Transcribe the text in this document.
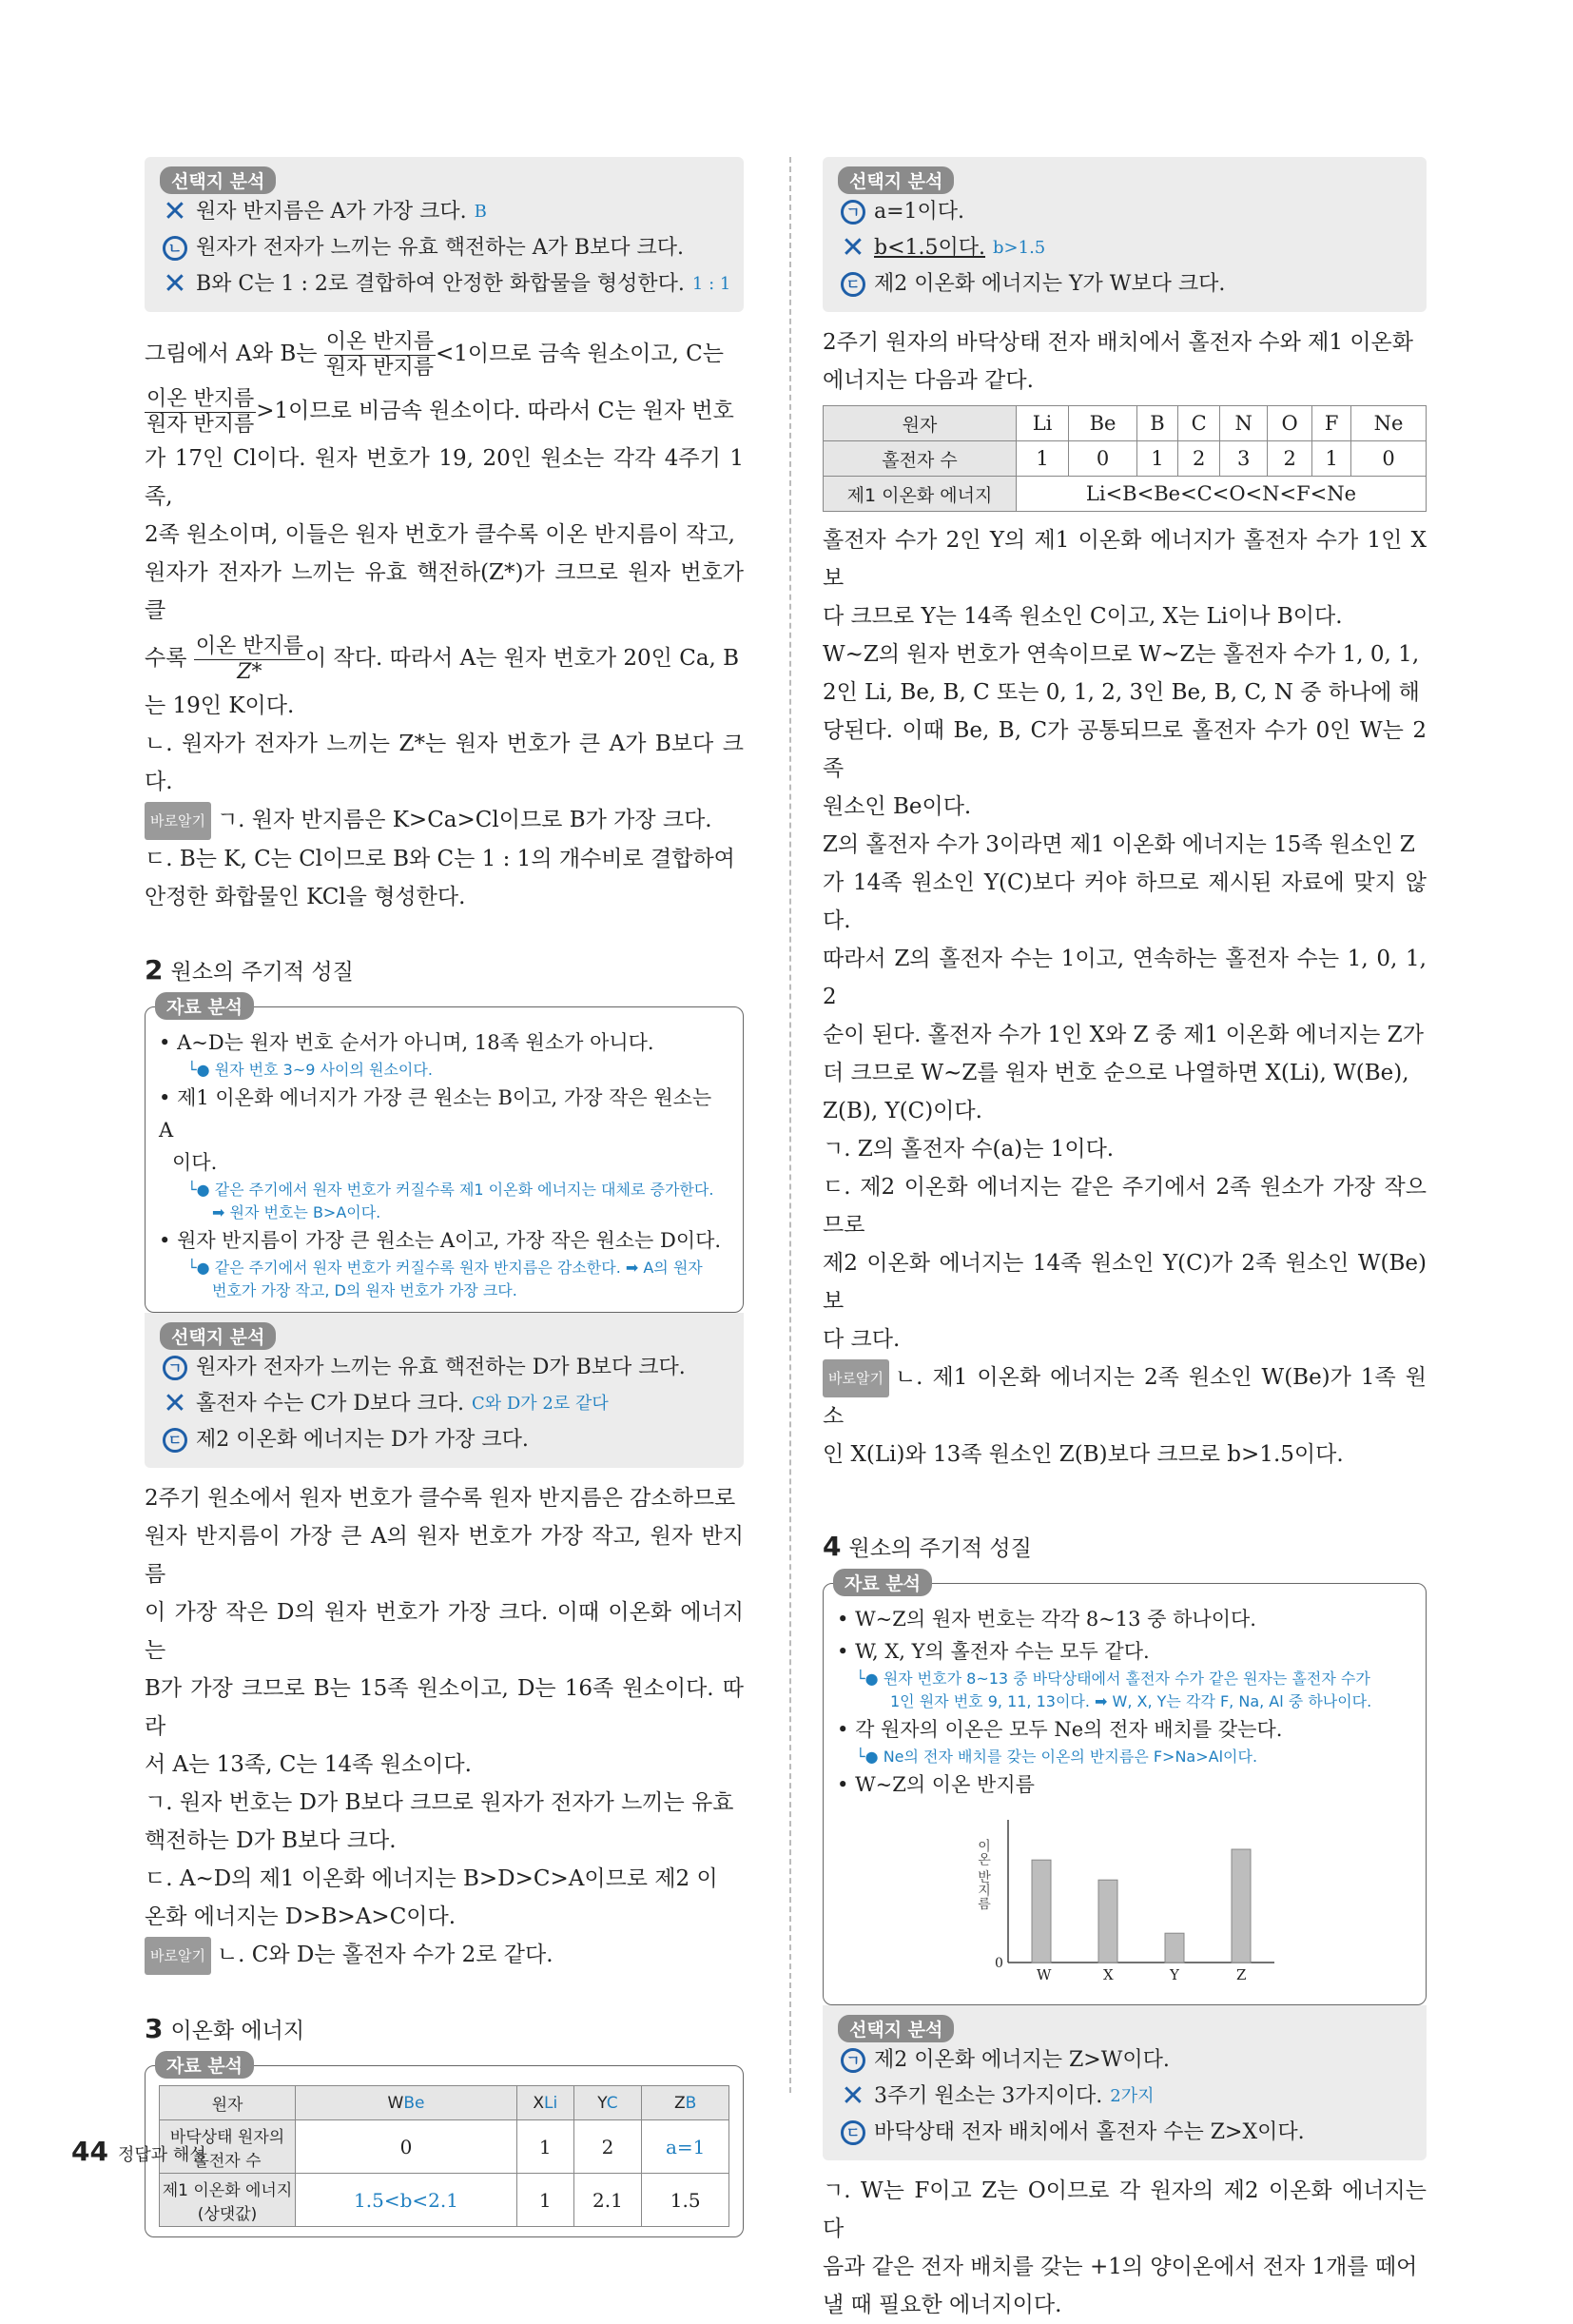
선택지 분석
✕ 원자 반지름은 A가 가장 크다. B
ㄴ 원자가 전자가 느끼는 유효 핵전하는 A가 B보다 크다.
✕ B와 C는 1 : 2로 결합하여 안정한 화합물을 형성한다. 1 : 1
그림에서 A와 B는 $\frac{\text{이온 반지름}}{\text{원자 반지름}} <1$이므로 금속 원소이고, C는
$\frac{\text{이온 반지름}}{\text{원자 반지름}} >1$이므로 비금속 원소이다. 따라서 C는 원자 번호
가 17인 Cl이다. 원자 번호가 19, 20인 원소는 각각 4주기 1족,
2족 원소이며, 이들은 원자 번호가 클수록 이온 반지름이 작고,
원자가 전자가 느끼는 유효 핵전하(Z*)가 크므로 원자 번호가 클
수록 $\frac{\text{이온 반지름}}{Z*}$ 이 작다. 따라서 A는 원자 번호가 20인 Ca, B
는 19인 K이다.
ㄴ. 원자가 전자가 느끼는 Z*는 원자 번호가 큰 A가 B보다 크다.
바로알기 ㄱ. 원자 반지름은 K>Ca>Cl이므로 B가 가장 크다.
ㄷ. B는 K, C는 Cl이므로 B와 C는 1 : 1의 개수비로 결합하여
안정한 화합물인 KCl을 형성한다.
2 원소의 주기적 성질
자료 분석
• A~D는 원자 번호 순서가 아니며, 18족 원소가 아니다.
└● 원자 번호 3~9 사이의 원소이다.
• 제1 이온화 에너지가 가장 큰 원소는 B이고, 가장 작은 원소는 A
이다.
└● 같은 주기에서 원자 번호가 커질수록 제1 이온화 에너지는 대체로 증가한다.
➡ 원자 번호는 B>A이다.
• 원자 반지름이 가장 큰 원소는 A이고, 가장 작은 원소는 D이다.
└● 같은 주기에서 원자 번호가 커질수록 원자 반지름은 감소한다. ➡ A의 원자
번호가 가장 작고, D의 원자 번호가 가장 크다.
선택지 분석
ㄱ 원자가 전자가 느끼는 유효 핵전하는 D가 B보다 크다.
✕ 홀전자 수는 C가 D보다 크다. C와 D가 2로 같다
ㄷ 제2 이온화 에너지는 D가 가장 크다.
2주기 원소에서 원자 번호가 클수록 원자 반지름은 감소하므로
원자 반지름이 가장 큰 A의 원자 번호가 가장 작고, 원자 반지름
이 가장 작은 D의 원자 번호가 가장 크다. 이때 이온화 에너지는
B가 가장 크므로 B는 15족 원소이고, D는 16족 원소이다. 따라
서 A는 13족, C는 14족 원소이다.
ㄱ. 원자 번호는 D가 B보다 크므로 원자가 전자가 느끼는 유효
핵전하는 D가 B보다 크다.
ㄷ. A~D의 제1 이온화 에너지는 B>D>C>A이므로 제2 이
온화 에너지는 D>B>A>C이다.
바로알기 ㄴ. C와 D는 홀전자 수가 2로 같다.
3 이온화 에너지
자료 분석
원자	WBe	XLi	YC	ZB
바닥상태 원자의 홀전자 수	0	1	2	a=1
제1 이온화 에너지(상댓값)	1.5<b<2.1	1	2.1	1.5
선택지 분석
ㄱ a=1이다.
✕ b<1.5이다. b>1.5
ㄷ 제2 이온화 에너지는 Y가 W보다 크다.
2주기 원자의 바닥상태 전자 배치에서 홀전자 수와 제1 이온화
에너지는 다음과 같다.
원자	Li	Be	B	C	N	O	F	Ne
홀전자 수	1	0	1	2	3	2	1	0
제1 이온화 에너지	Li<B<Be<C<O<N<F<Ne							
홀전자 수가 2인 Y의 제1 이온화 에너지가 홀전자 수가 1인 X보
다 크므로 Y는 14족 원소인 C이고, X는 Li이나 B이다.
W~Z의 원자 번호가 연속이므로 W~Z는 홀전자 수가 1, 0, 1,
2인 Li, Be, B, C 또는 0, 1, 2, 3인 Be, B, C, N 중 하나에 해
당된다. 이때 Be, B, C가 공통되므로 홀전자 수가 0인 W는 2족
원소인 Be이다.
Z의 홀전자 수가 3이라면 제1 이온화 에너지는 15족 원소인 Z
가 14족 원소인 Y(C)보다 커야 하므로 제시된 자료에 맞지 않다.
따라서 Z의 홀전자 수는 1이고, 연속하는 홀전자 수는 1, 0, 1, 2
순이 된다. 홀전자 수가 1인 X와 Z 중 제1 이온화 에너지는 Z가
더 크므로 W~Z를 원자 번호 순으로 나열하면 X(Li), W(Be),
Z(B), Y(C)이다.
ㄱ. Z의 홀전자 수(a)는 1이다.
ㄷ. 제2 이온화 에너지는 같은 주기에서 2족 원소가 가장 작으므로
제2 이온화 에너지는 14족 원소인 Y(C)가 2족 원소인 W(Be)보
다 크다.
바로알기 ㄴ. 제1 이온화 에너지는 2족 원소인 W(Be)가 1족 원소
인 X(Li)와 13족 원소인 Z(B)보다 크므로 b>1.5이다.
4 원소의 주기적 성질
자료 분석
• W~Z의 원자 번호는 각각 8~13 중 하나이다.
• W, X, Y의 홀전자 수는 모두 같다.
└● 원자 번호가 8~13 중 바닥상태에서 홀전자 수가 같은 원자는 홀전자 수가
1인 원자 번호 9, 11, 13이다. ➡ W, X, Y는 각각 F, Na, Al 중 하나이다.
• 각 원자의 이온은 모두 Ne의 전자 배치를 갖는다.
└● Ne의 전자 배치를 갖는 이온의 반지름은 F>Na>Al이다.
• W~Z의 이온 반지름
이온 반지름
0
W	X	Y	Z
선택지 분석
ㄱ 제2 이온화 에너지는 Z>W이다.
✕ 3주기 원소는 3가지이다. 2가지
ㄷ 바닥상태 전자 배치에서 홀전자 수는 Z>X이다.
ㄱ. W는 F이고 Z는 O이므로 각 원자의 제2 이온화 에너지는 다
음과 같은 전자 배치를 갖는 +1의 양이온에서 전자 1개를 떼어
낼 때 필요한 에너지이다.
44 정답과 해설
